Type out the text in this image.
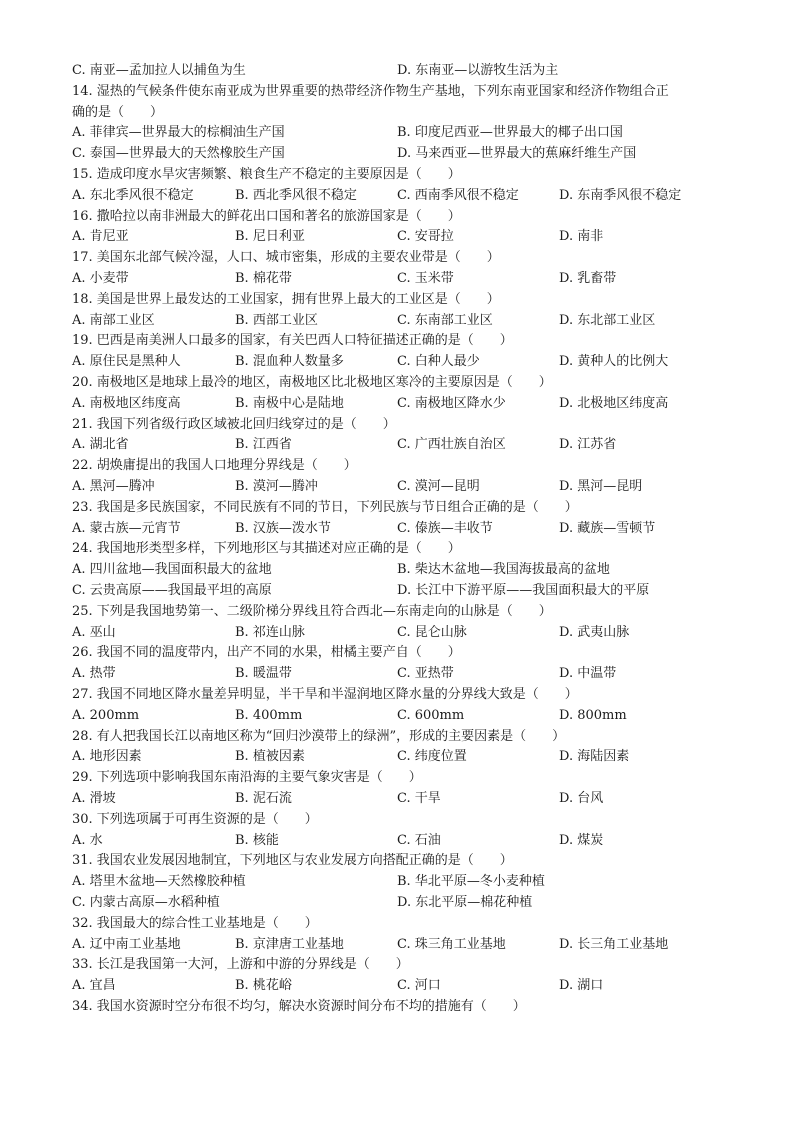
C. 南亚—孟加拉人以捕鱼为生	D. 东南亚—以游牧生活为主
14. 湿热的气候条件使东南亚成为世界重要的热带经济作物生产基地，下列东南亚国家和经济作物组合正
确的是（　　）
A. 菲律宾—世界最大的棕榈油生产国	B. 印度尼西亚—世界最大的椰子出口国
C. 泰国—世界最大的天然橡胶生产国	D. 马来西亚—世界最大的蕉麻纤维生产国
15. 造成印度水旱灾害频繁、粮食生产不稳定的主要原因是（　　）
A. 东北季风很不稳定	B. 西北季风很不稳定	C. 西南季风很不稳定	D. 东南季风很不稳定
16. 撒哈拉以南非洲最大的鲜花出口国和著名的旅游国家是（　　）
A. 肯尼亚	B. 尼日利亚	C. 安哥拉	D. 南非
17. 美国东北部气候冷湿，人口、城市密集，形成的主要农业带是（　　）
A. 小麦带	B. 棉花带	C. 玉米带	D. 乳畜带
18. 美国是世界上最发达的工业国家，拥有世界上最大的工业区是（　　）
A. 南部工业区	B. 西部工业区	C. 东南部工业区	D. 东北部工业区
19. 巴西是南美洲人口最多的国家，有关巴西人口特征描述正确的是（　　）
A. 原住民是黑种人	B. 混血种人数量多	C. 白种人最少	D. 黄种人的比例大
20. 南极地区是地球上最冷的地区，南极地区比北极地区寒冷的主要原因是（　　）
A. 南极地区纬度高	B. 南极中心是陆地	C. 南极地区降水少	D. 北极地区纬度高
21. 我国下列省级行政区域被北回归线穿过的是（　　）
A. 湖北省	B. 江西省	C. 广西壮族自治区	D. 江苏省
22. 胡焕庸提出的我国人口地理分界线是（　　）
A. 黑河—腾冲	B. 漠河—腾冲	C. 漠河—昆明	D. 黑河—昆明
23. 我国是多民族国家，不同民族有不同的节日，下列民族与节日组合正确的是（　　）
A. 蒙古族—元宵节	B. 汉族—泼水节	C. 傣族—丰收节	D. 藏族—雪顿节
24. 我国地形类型多样，下列地形区与其描述对应正确的是（　　）
A. 四川盆地—我国面积最大的盆地	B. 柴达木盆地—我国海拔最高的盆地
C. 云贵高原——我国最平坦的高原	D. 长江中下游平原——我国面积最大的平原
25. 下列是我国地势第一、二级阶梯分界线且符合西北—东南走向的山脉是（　　）
A. 巫山	B. 祁连山脉	C. 昆仑山脉	D. 武夷山脉
26. 我国不同的温度带内，出产不同的水果，柑橘主要产自（　　）
A. 热带	B. 暖温带	C. 亚热带	D. 中温带
27. 我国不同地区降水量差异明显，半干旱和半湿润地区降水量的分界线大致是（　　）
A. 200mm	B. 400mm	C. 600mm	D. 800mm
28. 有人把我国长江以南地区称为“回归沙漠带上的绿洲”，形成的主要因素是（　　）
A. 地形因素	B. 植被因素	C. 纬度位置	D. 海陆因素
29. 下列选项中影响我国东南沿海的主要气象灾害是（　　）
A. 滑坡	B. 泥石流	C. 干旱	D. 台风
30. 下列选项属于可再生资源的是（　　）
A. 水	B. 核能	C. 石油	D. 煤炭
31. 我国农业发展因地制宜，下列地区与农业发展方向搭配正确的是（　　）
A. 塔里木盆地—天然橡胶种植	B. 华北平原—冬小麦种植
C. 内蒙古高原—水稻种植	D. 东北平原—棉花种植
32. 我国最大的综合性工业基地是（　　）
A. 辽中南工业基地	B. 京津唐工业基地	C. 珠三角工业基地	D. 长三角工业基地
33. 长江是我国第一大河，上游和中游的分界线是（　　）
A. 宜昌	B. 桃花峪	C. 河口	D. 湖口
34. 我国水资源时空分布很不均匀，解决水资源时间分布不均的措施有（　　）
